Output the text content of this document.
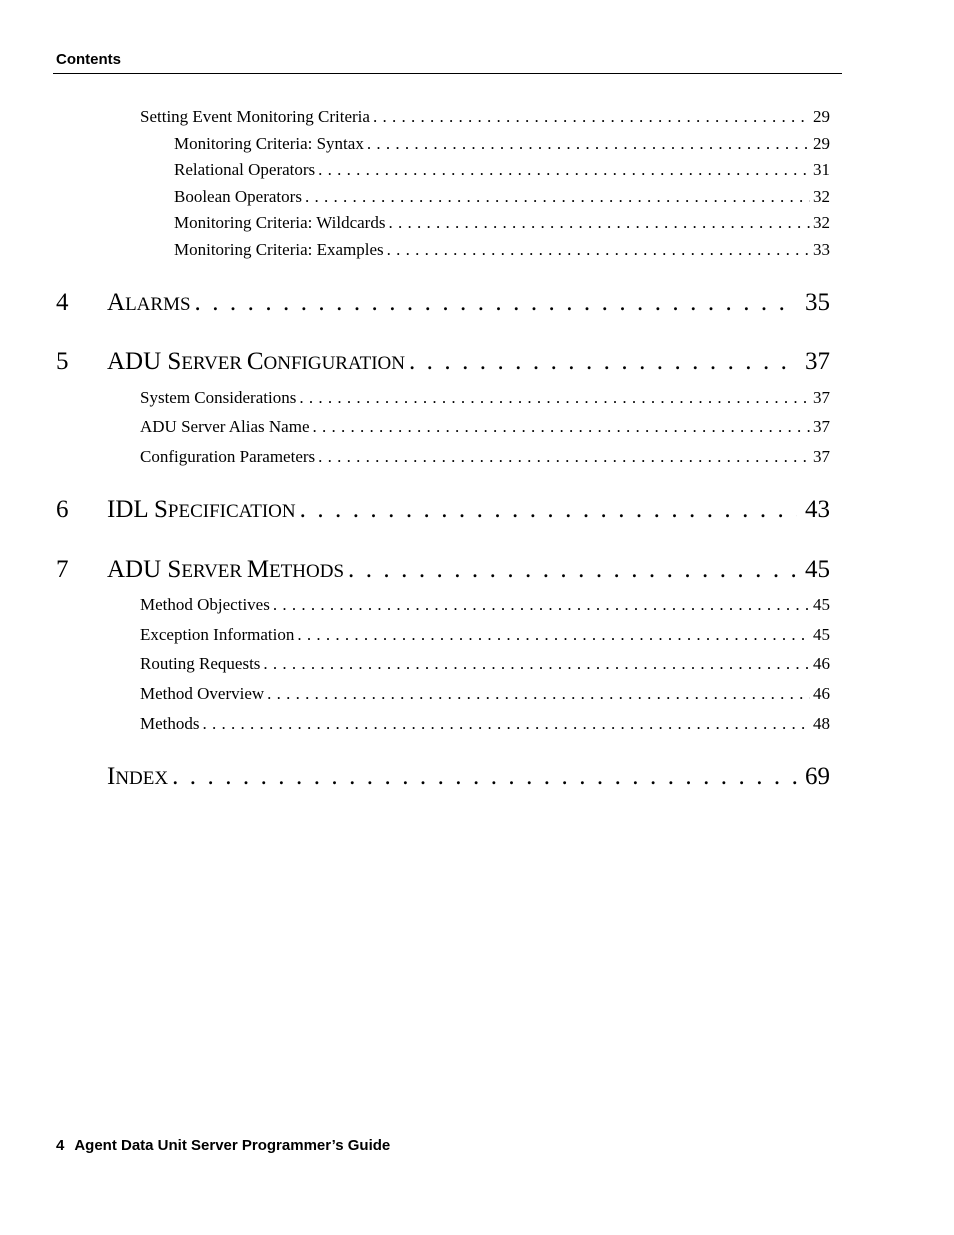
Contents
Setting Event Monitoring Criteria . . .	29
Monitoring Criteria: Syntax . . .	29
Relational Operators . . .	31
Boolean Operators . . .	32
Monitoring Criteria: Wildcards . . .	32
Monitoring Criteria: Examples . . .	33
4 ALARMS . . .	35
5 ADU SERVER CONFIGURATION . . .	37
System Considerations . . .	37
ADU Server Alias Name . . .	37
Configuration Parameters . . .	37
6 IDL SPECIFICATION . . .	43
7 ADU SERVER METHODS . . .	45
Method Objectives . . .	45
Exception Information . . .	45
Routing Requests . . .	46
Method Overview . . .	46
Methods . . .	48
INDEX . . .	69
4 Agent Data Unit Server Programmer’s Guide
